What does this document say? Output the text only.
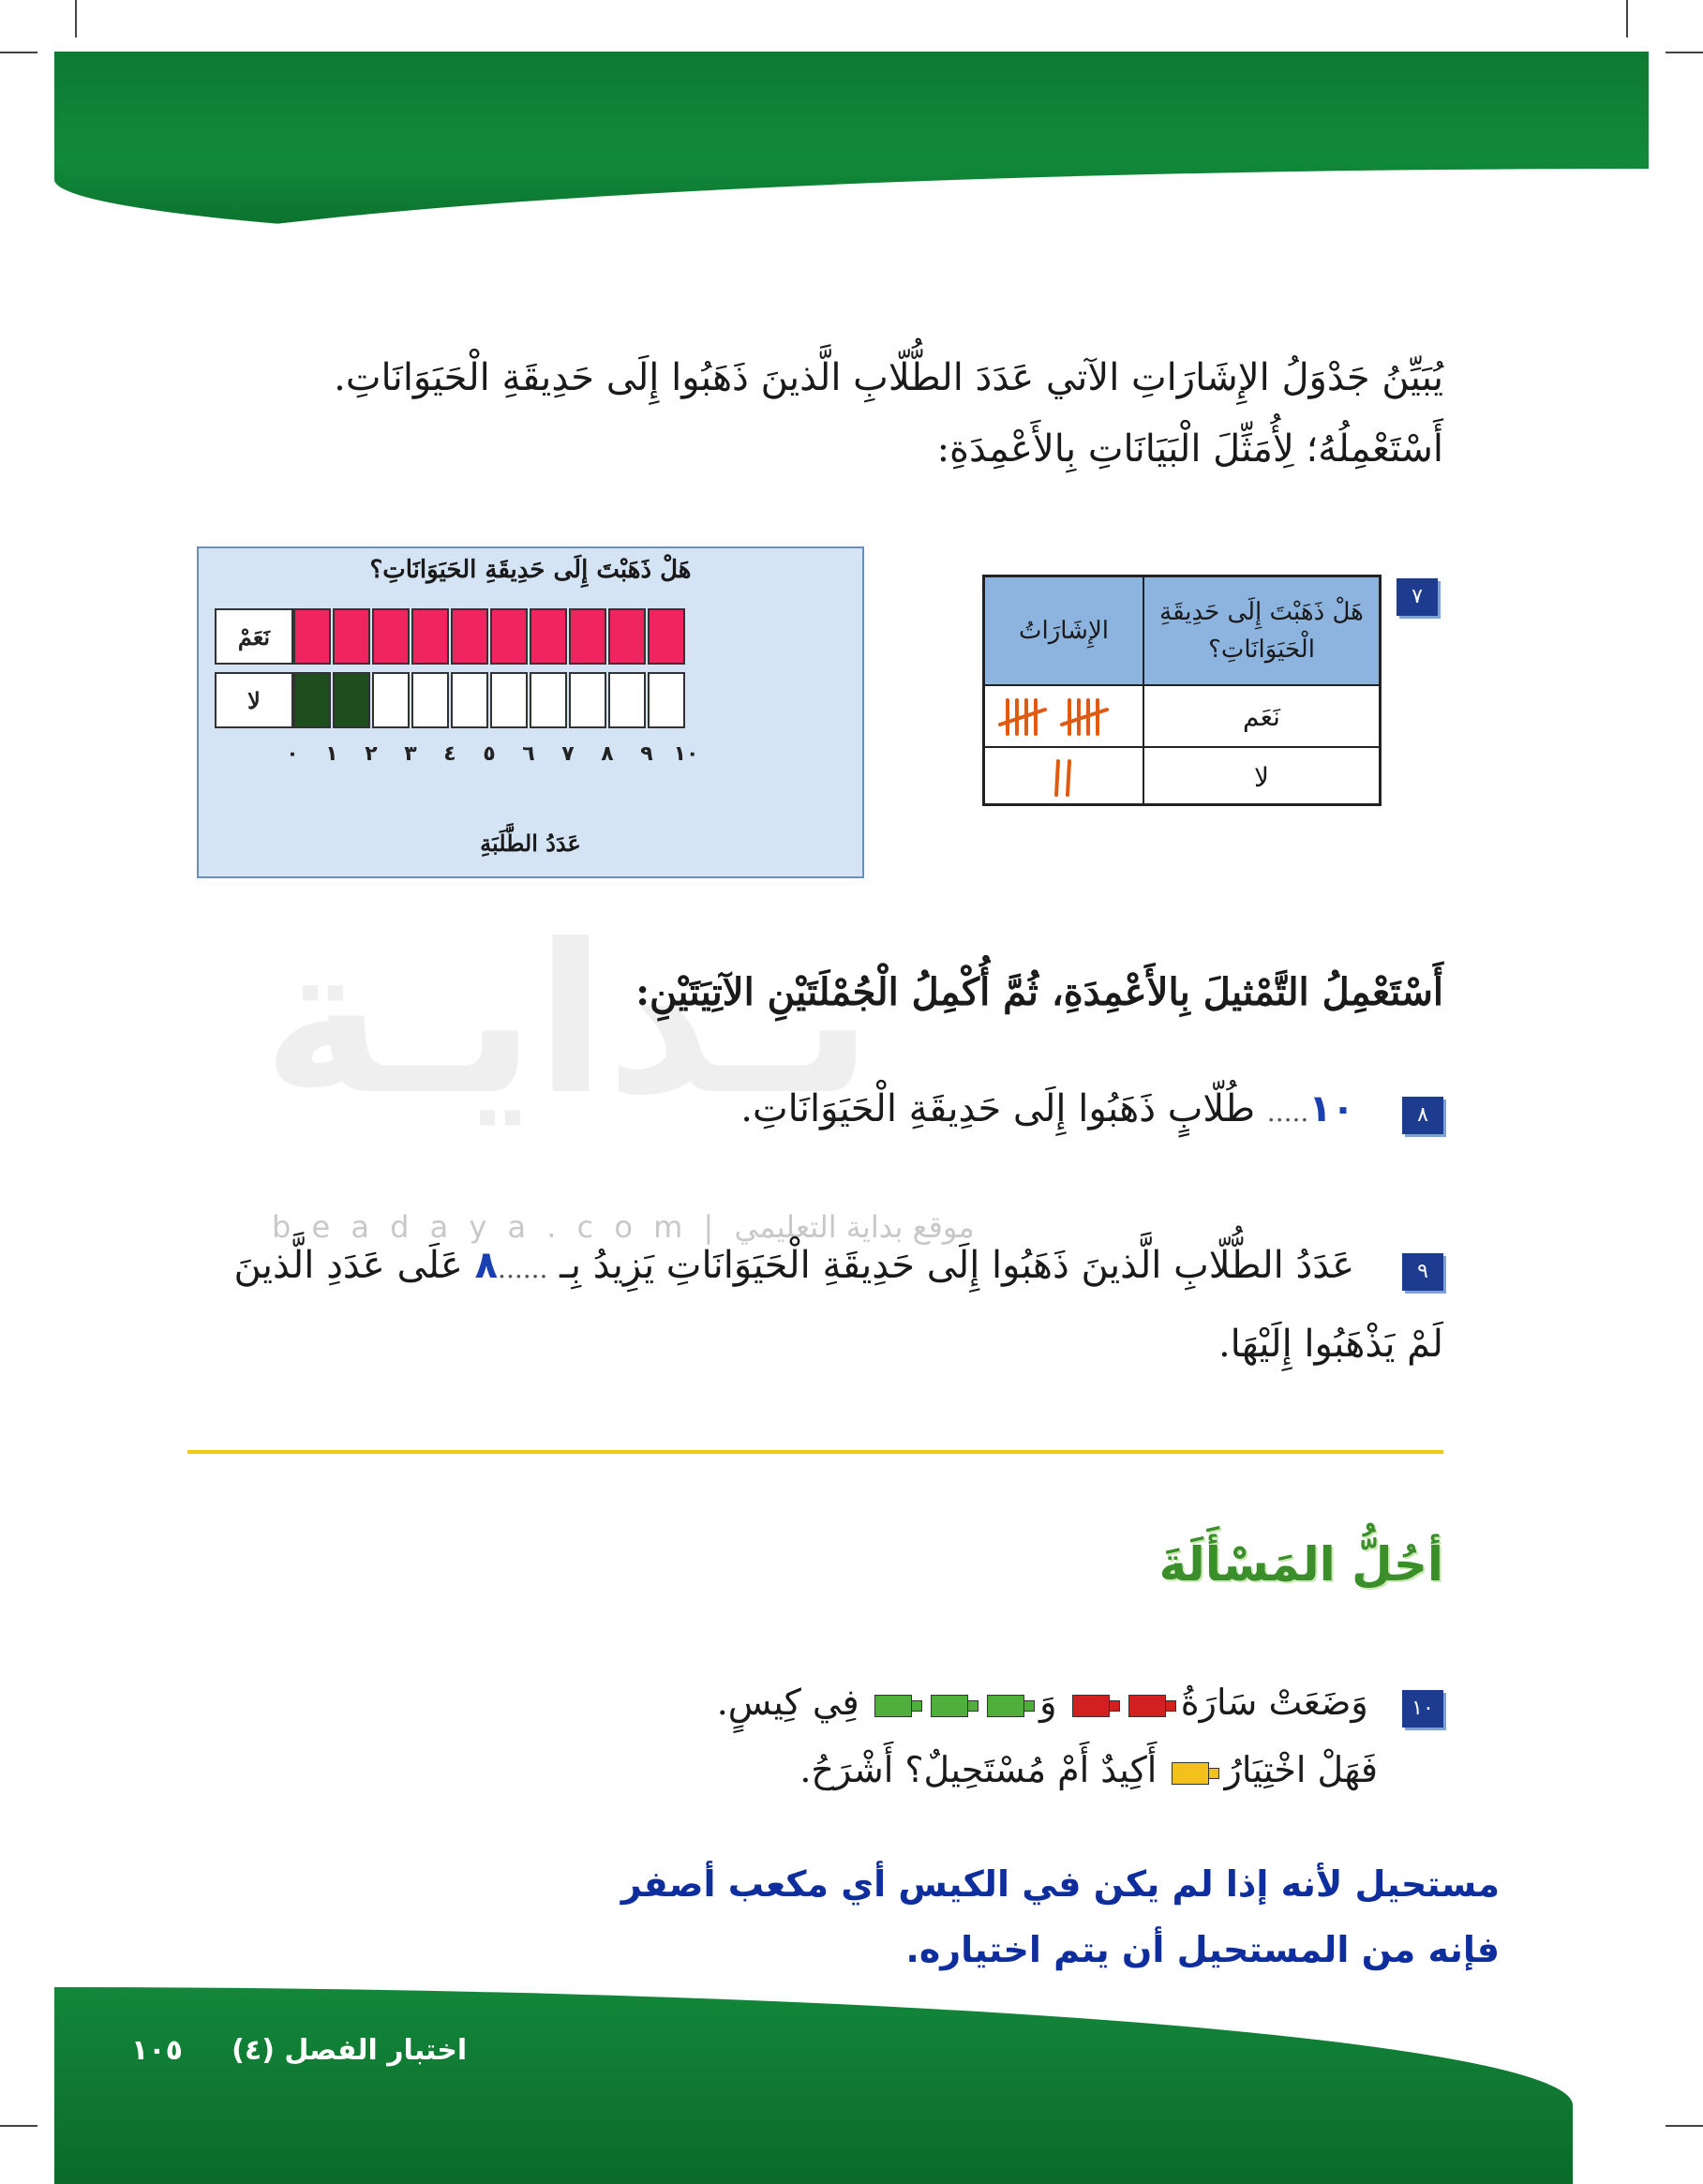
بـدايـة
b e a d a y a . c o m | موقع بداية التعليمي
يُبَيِّنُ جَدْوَلُ الإِشَارَاتِ الآتي عَدَدَ الطُّلّابِ الَّذينَ ذَهَبُوا إِلَى حَدِيقَةِ الْحَيَوَانَاتِ. أَسْتَعْمِلُهُ؛ لِأُمَثِّلَ الْبَيَانَاتِ بِالأَعْمِدَةِ:
٧
الإِشَارَاتُ
هَلْ ذَهَبْتَ إِلَى حَدِيقَةِ الْحَيَوَانَاتِ؟
نَعَم
لا
هَلْ ذَهَبْتَ إِلَى حَدِيقَةِ الحَيَوَانَاتِ؟
نَعَمْ
لا
٠ ١ ٢ ٣ ٤ ٥ ٦ ٧ ٨ ٩ ١٠
عَدَدُ الطَّلَبَةِ
أَسْتَعْمِلُ التَّمْثيلَ بِالأَعْمِدَةِ، ثُمَّ أُكْمِلُ الْجُمْلَتَيْنِ الآتِيَتَيْنِ:
٨    ١٠..... طُلّابٍ ذَهَبُوا إِلَى حَدِيقَةِ الْحَيَوَانَاتِ.
٩    عَدَدُ الطُّلّابِ الَّذينَ ذَهَبُوا إِلَى حَدِيقَةِ الْحَيَوَانَاتِ يَزِيدُ بِـ ......٨ عَلَى عَدَدِ الَّذينَ لَمْ يَذْهَبُوا إِلَيْهَا.
أحُلُّ المَسْأَلَةَ
١٠   وَضَعَتْ سَارَةُ   وَ    فِي كِيسٍ.
فَهَلْ اخْتِيَارُ  أَكِيدٌ أَمْ مُسْتَحِيلٌ؟ أَشْرَحُ.
مستحيل لأنه إذا لم يكن في الكيس أي مكعب أصفر فإنه من المستحيل أن يتم اختياره.
اختبار الفصل (٤)     ١٠٥
